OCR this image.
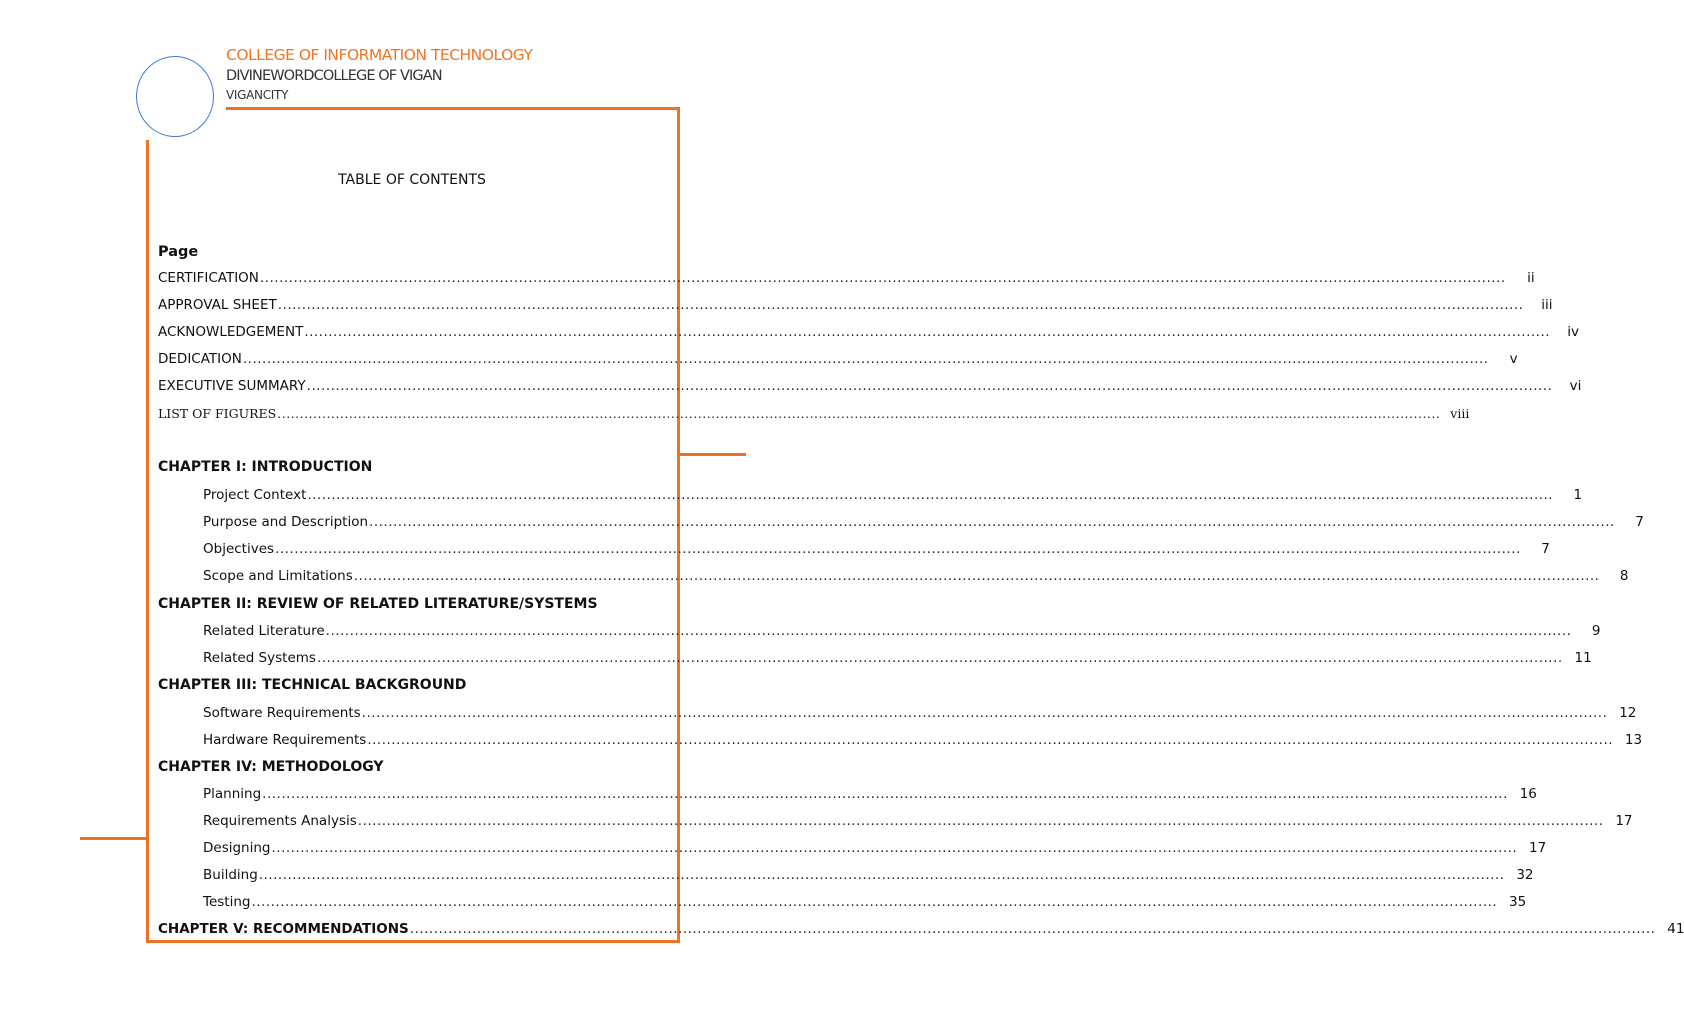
COLLEGE OF INFORMATION TECHNOLOGY
DIVINEWORDCOLLEGE OF VIGAN
VIGANCITY
TABLE OF CONTENTS
Page
CERTIFICATION ....................................................................................................................................................................................................................................................................	ii
APPROVAL SHEET ....................................................................................................................................................................................................................................................................	iii
ACKNOWLEDGEMENT ....................................................................................................................................................................................................................................................................	iv
DEDICATION ....................................................................................................................................................................................................................................................................	v
EXECUTIVE SUMMARY ....................................................................................................................................................................................................................................................................	vi
LIST OF FIGURES .................................................................................................................................................................................................................................................................... viii
CHAPTER I: INTRODUCTION
Project Context ....................................................................................................................................................................................................................................................................	1
Purpose and Description ....................................................................................................................................................................................................................................................................	7
Objectives ....................................................................................................................................................................................................................................................................	7
Scope and Limitations ....................................................................................................................................................................................................................................................................	8
CHAPTER II: REVIEW OF RELATED LITERATURE/SYSTEMS
Related Literature ....................................................................................................................................................................................................................................................................	9
Related Systems .................................................................................................................................................................................................................................................................... 11
CHAPTER III: TECHNICAL BACKGROUND
Software Requirements .................................................................................................................................................................................................................................................................... 12
Hardware Requirements .................................................................................................................................................................................................................................................................... 13
CHAPTER IV: METHODOLOGY
Planning .................................................................................................................................................................................................................................................................... 16
Requirements Analysis .................................................................................................................................................................................................................................................................... 17
Designing .................................................................................................................................................................................................................................................................... 17
Building .................................................................................................................................................................................................................................................................... 32
Testing .................................................................................................................................................................................................................................................................... 35
CHAPTER V: RECOMMENDATIONS .................................................................................................................................................................................................................................................................... 41
